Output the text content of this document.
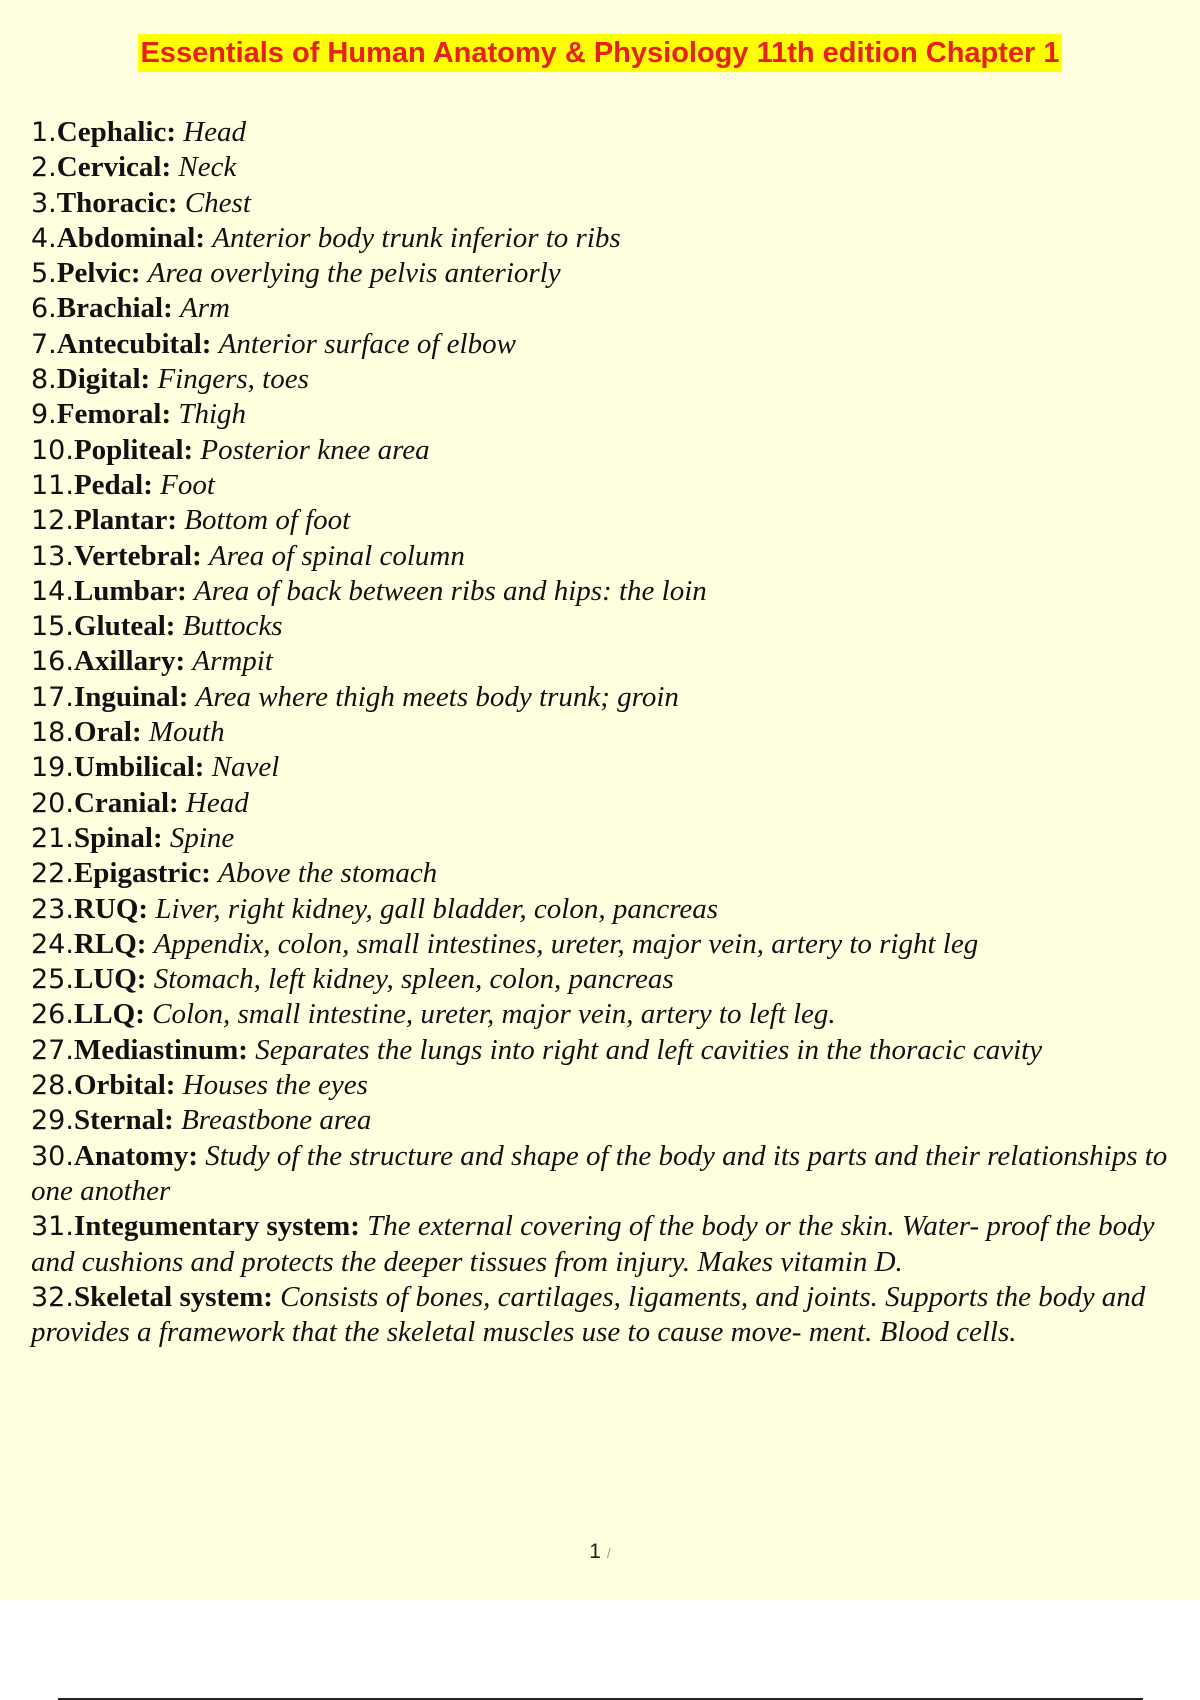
Essentials of Human Anatomy & Physiology 11th edition Chapter 1
1.Cephalic: Head
2.Cervical: Neck
3.Thoracic: Chest
4.Abdominal: Anterior body trunk inferior to ribs
5.Pelvic: Area overlying the pelvis anteriorly
6.Brachial: Arm
7.Antecubital: Anterior surface of elbow
8.Digital: Fingers, toes
9.Femoral: Thigh
10.Popliteal: Posterior knee area
11.Pedal: Foot
12.Plantar: Bottom of foot
13.Vertebral: Area of spinal column
14.Lumbar: Area of back between ribs and hips: the loin
15.Gluteal: Buttocks
16.Axillary: Armpit
17.Inguinal: Area where thigh meets body trunk; groin
18.Oral: Mouth
19.Umbilical: Navel
20.Cranial: Head
21.Spinal: Spine
22.Epigastric: Above the stomach
23.RUQ: Liver, right kidney, gall bladder, colon, pancreas
24.RLQ: Appendix, colon, small intestines, ureter, major vein, artery to right leg
25.LUQ: Stomach, left kidney, spleen, colon, pancreas
26.LLQ: Colon, small intestine, ureter, major vein, artery to left leg.
27.Mediastinum: Separates the lungs into right and left cavities in the thoracic cavity
28.Orbital: Houses the eyes
29.Sternal: Breastbone area
30.Anatomy: Study of the structure and shape of the body and its parts and their relationships to one another
31.Integumentary system: The external covering of the body or the skin. Water- proof the body and cushions and protects the deeper tissues from injury. Makes vitamin D.
32.Skeletal system: Consists of bones, cartilages, ligaments, and joints. Supports the body and provides a framework that the skeletal muscles use to cause move- ment. Blood cells.
1 /
